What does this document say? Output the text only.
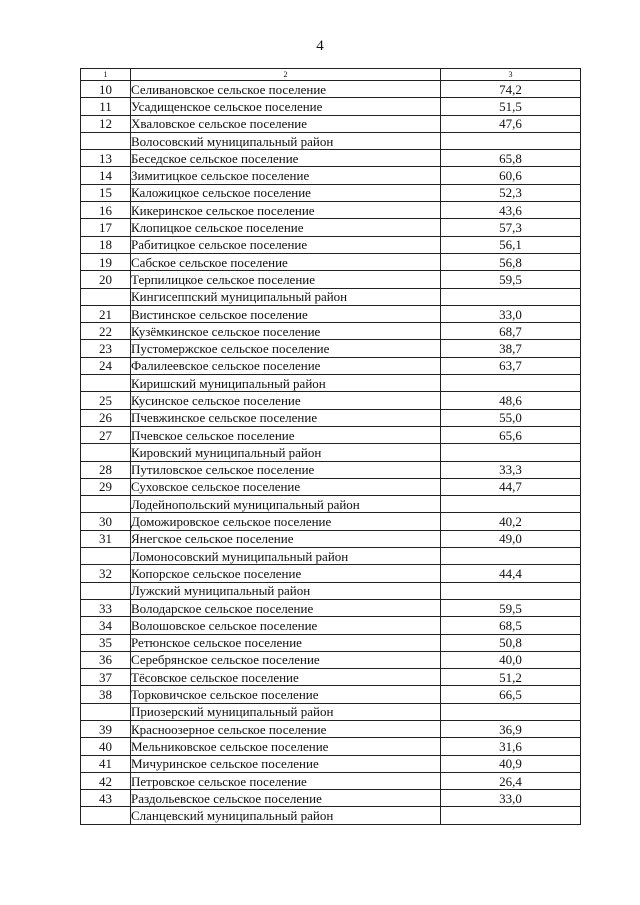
4
1	2	3
10	Селивановское сельское поселение	74,2
11	Усадищенское сельское поселение	51,5
12	Хваловское сельское поселение	47,6
	Волосовский муниципальный район	
13	Беседское сельское поселение	65,8
14	Зимитицкое сельское поселение	60,6
15	Каложицкое сельское поселение	52,3
16	Кикеринское сельское поселение	43,6
17	Клопицкое сельское поселение	57,3
18	Рабитицкое сельское поселение	56,1
19	Сабское сельское поселение	56,8
20	Терпилицкое сельское поселение	59,5
	Кингисеппский муниципальный район	
21	Вистинское сельское поселение	33,0
22	Кузёмкинское сельское поселение	68,7
23	Пустомержское сельское поселение	38,7
24	Фалилеевское сельское поселение	63,7
	Киришский муниципальный район	
25	Кусинское сельское поселение	48,6
26	Пчевжинское сельское поселение	55,0
27	Пчевское сельское поселение	65,6
	Кировский муниципальный район	
28	Путиловское сельское поселение	33,3
29	Суховское сельское поселение	44,7
	Лодейнопольский муниципальный район	
30	Доможировское сельское поселение	40,2
31	Янегское сельское поселение	49,0
	Ломоносовский муниципальный район	
32	Копорское сельское поселение	44,4
	Лужский муниципальный район	
33	Володарское сельское поселение	59,5
34	Волошовское сельское поселение	68,5
35	Ретюнское сельское поселение	50,8
36	Серебрянское сельское поселение	40,0
37	Тёсовское сельское поселение	51,2
38	Торковичское сельское поселение	66,5
	Приозерский муниципальный район	
39	Красноозерное сельское поселение	36,9
40	Мельниковское сельское поселение	31,6
41	Мичуринское сельское поселение	40,9
42	Петровское сельское поселение	26,4
43	Раздольевское сельское поселение	33,0
	Сланцевский муниципальный район	
